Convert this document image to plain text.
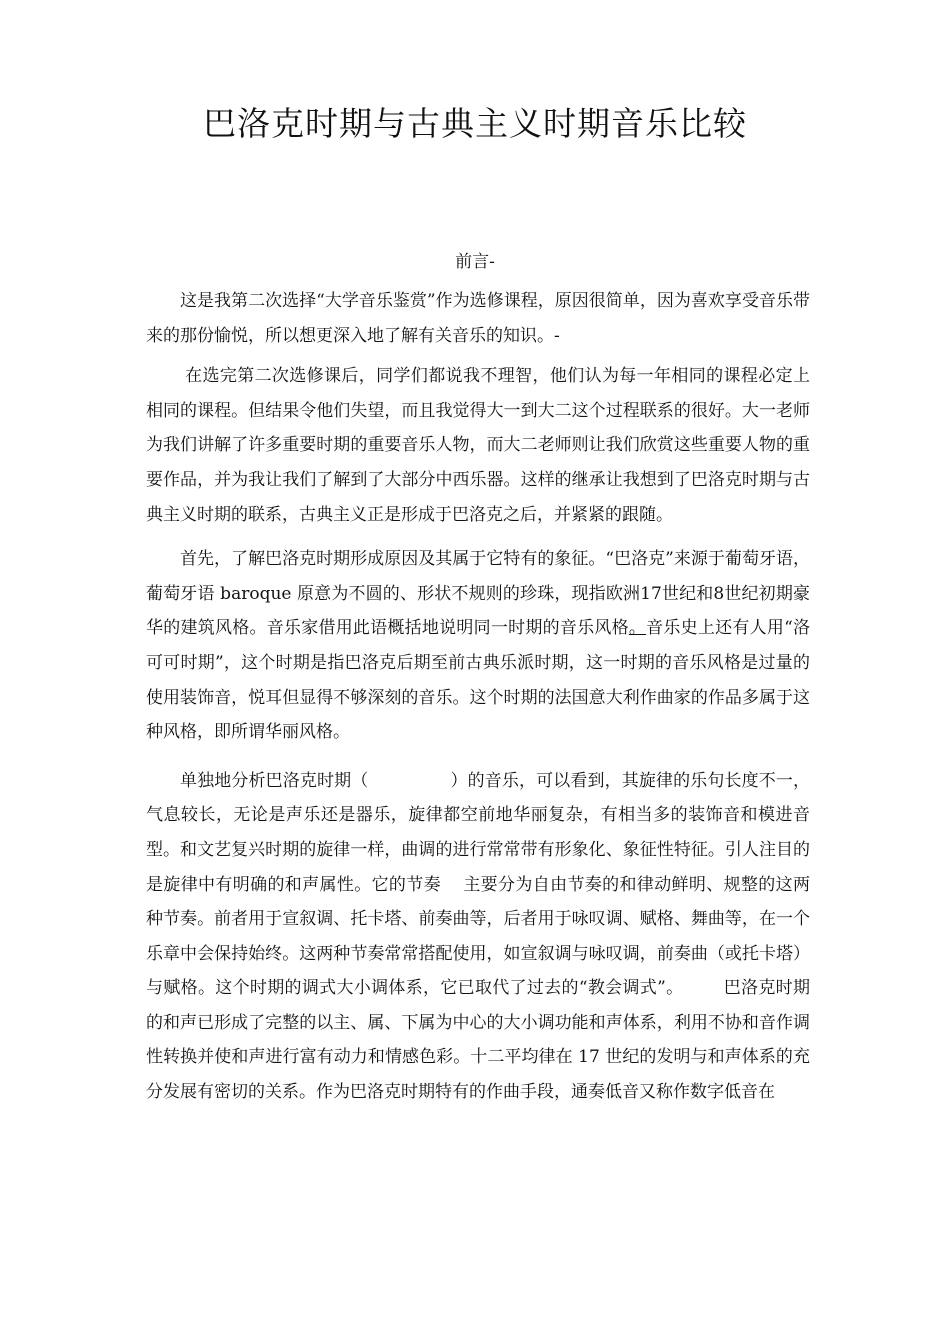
巴洛克时期与古典主义时期音乐比较
前言-

这是我第二次选择“大学音乐鉴赏”作为选修课程，原因很简单，因为喜欢享受音乐带来的那份愉悦，所以想更深入地了解有关音乐的知识。-

在选完第二次选修课后，同学们都说我不理智，他们认为每一年相同的课程必定上相同的课程。但结果令他们失望，而且我觉得大一到大二这个过程联系的很好。大一老师为我们讲解了许多重要时期的重要音乐人物，而大二老师则让我们欣赏这些重要人物的重要作品，并为我让我们了解到了大部分中西乐器。这样的继承让我想到了巴洛克时期与古典主义时期的联系，古典主义正是形成于巴洛克之后，并紧紧的跟随。

首先，了解巴洛克时期形成原因及其属于它特有的象征。“巴洛克”来源于葡萄牙语，葡萄牙语 baroque 原意为不圆的、形状不规则的珍珠，现指欧洲17世纪和8世纪初期豪华的建筑风格。音乐家借用此语概括地说明同一时期的音乐风格。音乐史上还有人用“洛可可时期”，这个时期是指巴洛克后期至前古典乐派时期，这一时期的音乐风格是过量的使用装饰音，悦耳但显得不够深刻的音乐。这个时期的法国意大利作曲家的作品多属于这种风格，即所谓华丽风格。

单独地分析巴洛克时期（	）的音乐，可以看到，其旋律的乐句长度不一，气息较长，无论是声乐还是器乐，旋律都空前地华丽复杂，有相当多的装饰音和模进音型。和文艺复兴时期的旋律一样，曲调的进行常常带有形象化、象征性特征。引人注目的是旋律中有明确的和声属性。它的节奏 主要分为自由节奏的和律动鲜明、规整的这两种节奏。前者用于宣叙调、托卡塔、前奏曲等，后者用于咏叹调、赋格、舞曲等，在一个乐章中会保持始终。这两种节奏常常搭配使用，如宣叙调与咏叹调，前奏曲（或托卡塔）与赋格。这个时期的调式大小调体系，它已取代了过去的“教会调式”。 巴洛克时期的和声已形成了完整的以主、属、下属为中心的大小调功能和声体系，利用不协和音作调性转换并使和声进行富有动力和情感色彩。十二平均律在 17 世纪的发明与和声体系的充分发展有密切的关系。作为巴洛克时期特有的作曲手段，通奏低音又称作数字低音在
